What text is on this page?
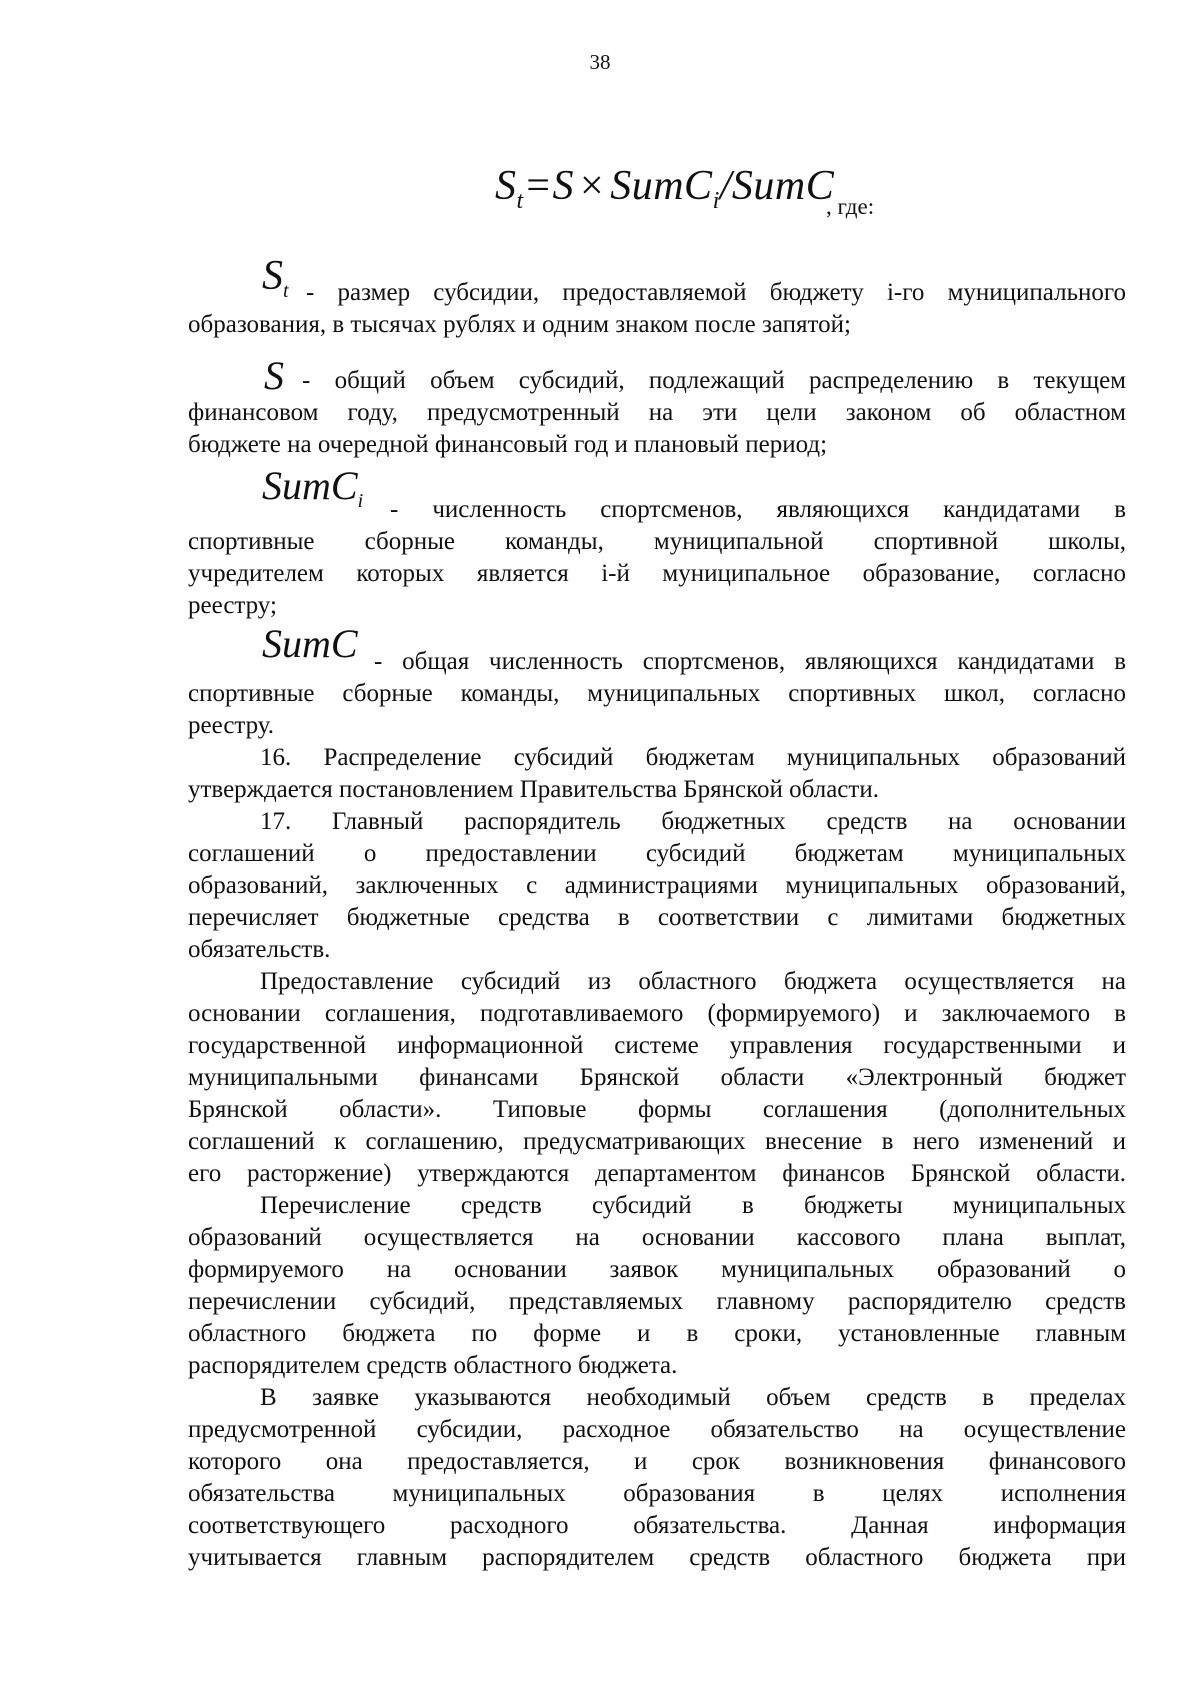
38
$S_t=S$ × SumC$_i$/SumC
, где:
$S_t$
S
SumC$_i$
SumC
- размер субсидии, предоставляемой бюджету i-го муниципального
образования, в тысячах рублях и одним знаком после запятой;
- общий объем субсидий, подлежащий распределению в текущем
финансовом году, предусмотренный на эти цели законом об областном
бюджете на очередной финансовый год и плановый период;
- численность спортсменов, являющихся кандидатами в
спортивные сборные команды, муниципальной спортивной школы,
учредителем которых является i-й муниципальное образование, согласно
реестру;
- общая численность спортсменов, являющихся кандидатами в
спортивные сборные команды, муниципальных спортивных школ, согласно
реестру.
16. Распределение субсидий бюджетам муниципальных образований
утверждается постановлением Правительства Брянской области.
17. Главный распорядитель бюджетных средств на основании
соглашений о предоставлении субсидий бюджетам муниципальных
образований, заключенных с администрациями муниципальных образований,
перечисляет бюджетные средства в соответствии с лимитами бюджетных
обязательств.
Предоставление субсидий из областного бюджета осуществляется на
основании соглашения, подготавливаемого (формируемого) и заключаемого в
государственной информационной системе управления государственными и
муниципальными финансами Брянской области «Электронный бюджет
Брянской области». Типовые формы соглашения (дополнительных
соглашений к соглашению, предусматривающих внесение в него изменений и
его расторжение) утверждаются департаментом финансов Брянской области.
Перечисление средств субсидий в бюджеты муниципальных
образований осуществляется на основании кассового плана выплат,
формируемого на основании заявок муниципальных образований о
перечислении субсидий, представляемых главному распорядителю средств
областного бюджета по форме и в сроки, установленные главным
распорядителем средств областного бюджета.
В заявке указываются необходимый объем средств в пределах
предусмотренной субсидии, расходное обязательство на осуществление
которого она предоставляется, и срок возникновения финансового
обязательства муниципальных образования в целях исполнения
соответствующего расходного обязательства. Данная информация
учитывается главным распорядителем средств областного бюджета при
